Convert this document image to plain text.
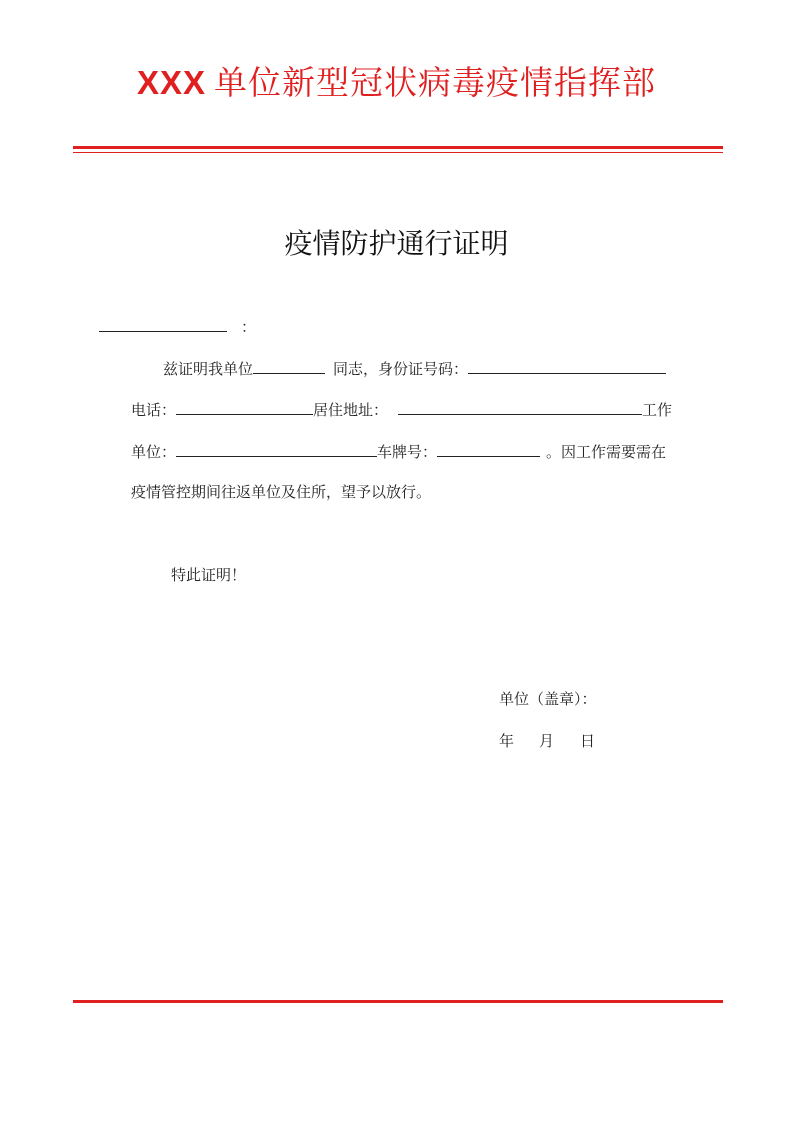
XXX 单位新型冠状病毒疫情指挥部
疫情防护通行证明
：
兹证明我单位	同志，身份证号码：
电话：	居住地址：	工作
单位：	车牌号：	。因工作需要需在
疫情管控期间往返单位及住所，望予以放行。
特此证明！
单位（盖章）：
年 月 日
